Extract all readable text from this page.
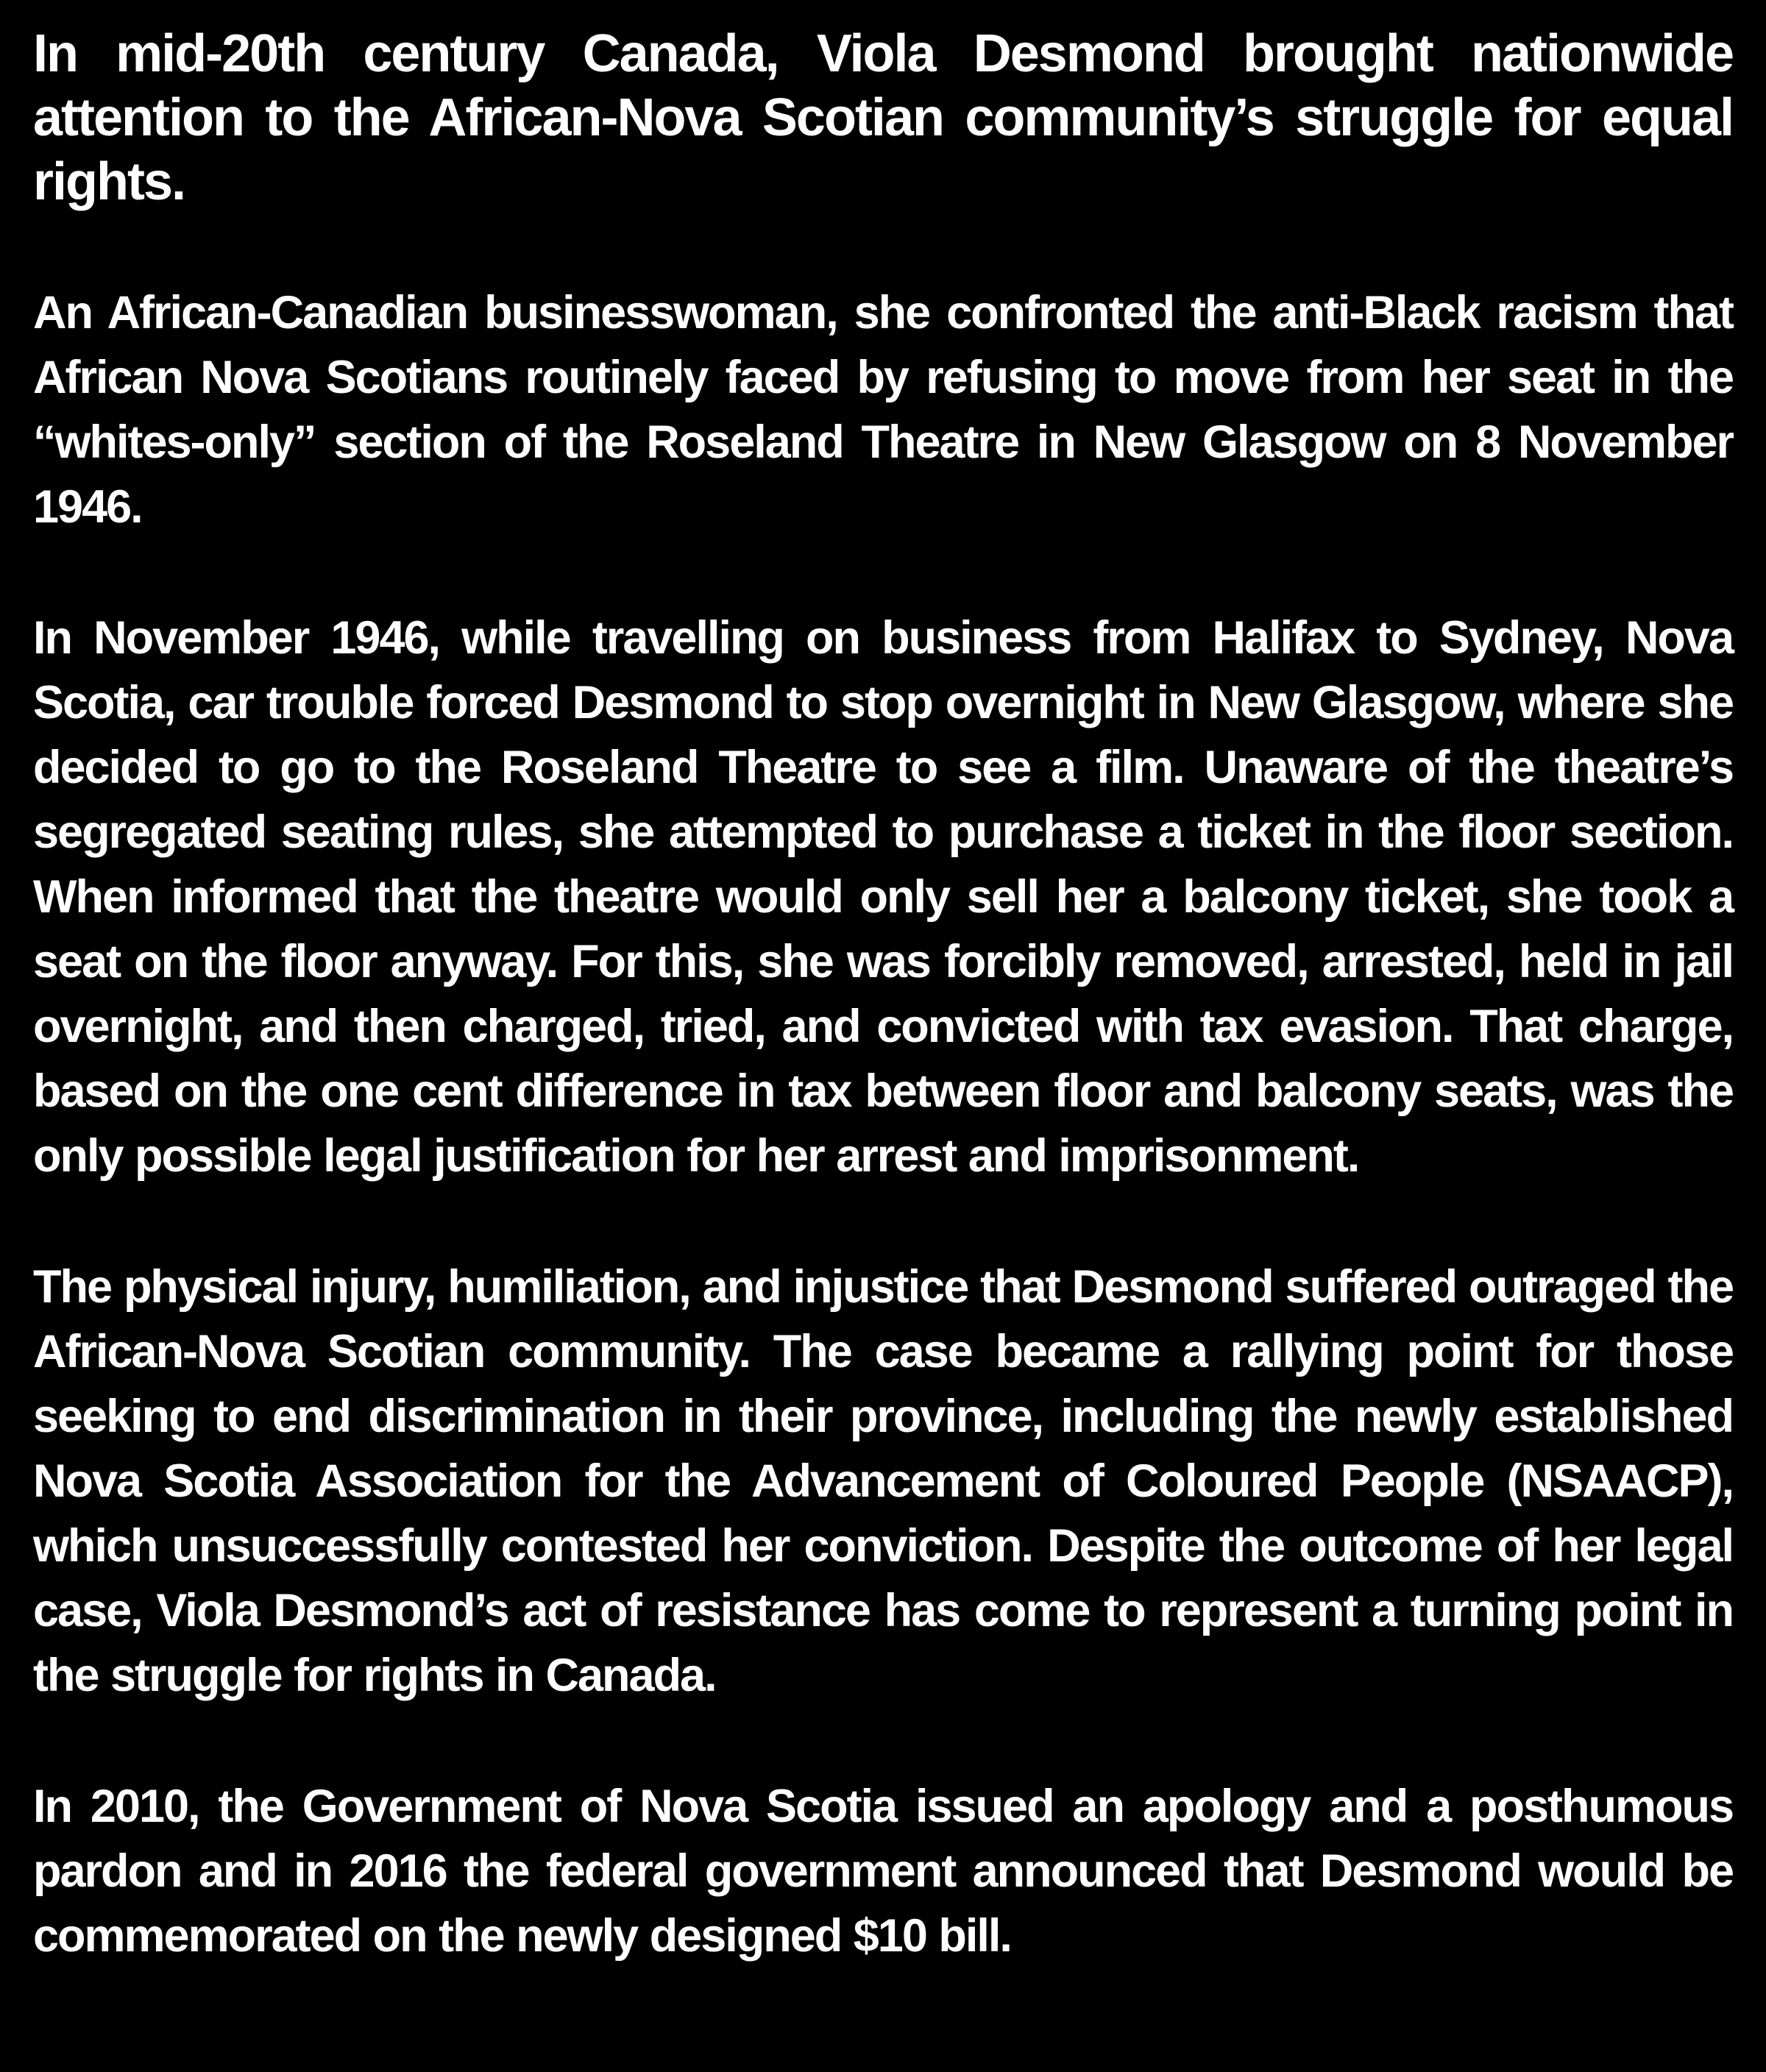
In mid-20th century Canada, Viola Desmond brought nationwide attention to the African-Nova Scotian community’s struggle for equal rights.

An African-Canadian businesswoman, she confronted the anti-Black racism that African Nova Scotians routinely faced by refusing to move from her seat in the “whites-only” section of the Roseland Theatre in New Glasgow on 8 November 1946.

In November 1946, while travelling on business from Halifax to Sydney, Nova Scotia, car trouble forced Desmond to stop overnight in New Glasgow, where she decided to go to the Roseland Theatre to see a film. Unaware of the theatre’s segregated seating rules, she attempted to purchase a ticket in the floor section. When informed that the theatre would only sell her a balcony ticket, she took a seat on the floor anyway. For this, she was forcibly removed, arrested, held in jail overnight, and then charged, tried, and convicted with tax evasion. That charge, based on the one cent difference in tax between floor and balcony seats, was the only possible legal justification for her arrest and imprisonment.

The physical injury, humiliation, and injustice that Desmond suffered outraged the African-Nova Scotian community. The case became a rallying point for those seeking to end discrimination in their province, including the newly established Nova Scotia Association for the Advancement of Coloured People (NSAACP), which unsuccessfully contested her conviction. Despite the outcome of her legal case, Viola Desmond’s act of resistance has come to represent a turning point in the struggle for rights in Canada.

In 2010, the Government of Nova Scotia issued an apology and a posthumous pardon and in 2016 the federal government announced that Desmond would be commemorated on the newly designed $10 bill.
